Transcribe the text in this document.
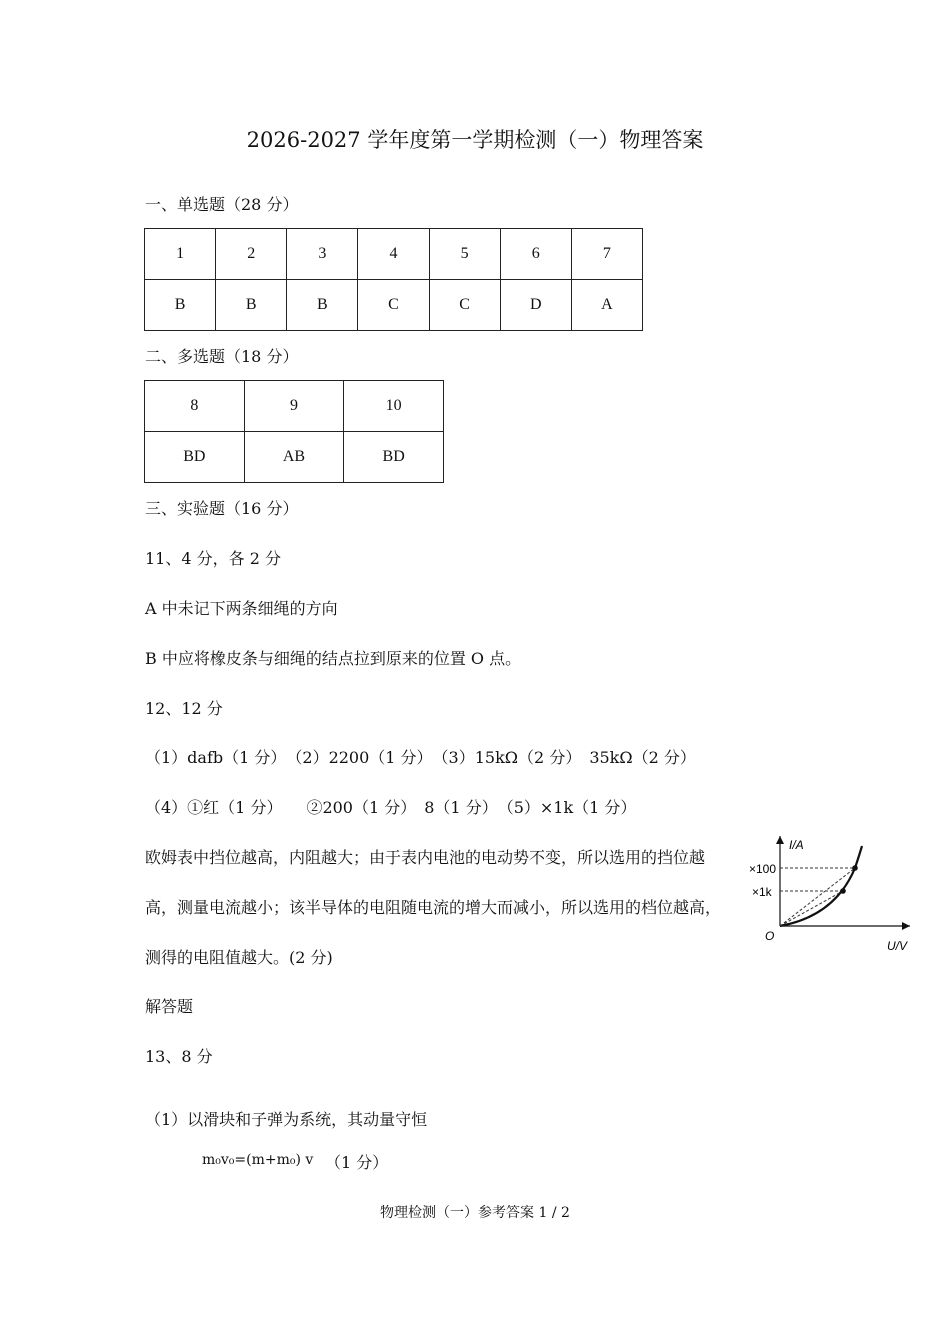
2026-2027 学年度第一学期检测（一）物理答案
一、单选题（28 分）
1	2	3	4	5	6	7
B	B	B	C	C	D	A
二、多选题（18 分）
8	9	10
BD	AB	BD
三、实验题（16 分）
11、4 分，各 2 分
A 中未记下两条细绳的方向
B 中应将橡皮条与细绳的结点拉到原来的位置 O 点。
12、12 分
（1）dafb（1 分）　（2）2200（1 分）　（3）15kΩ（2 分）　35kΩ（2 分）
（4）①红（1 分）　　②200（1 分）　8（1 分）　（5）×1k（1 分）
欧姆表中挡位越高，内阻越大；由于表内电池的电动势不变，所以选用的挡位越
高，测量电流越小；该半导体的电阻随电流的增大而减小，所以选用的档位越高，
测得的电阻值越大。(2 分)
I/A
×100
×1k
O
U/V
解答题
13、8 分
（1）以滑块和子弹为系统，其动量守恒
m₀v₀=(m+m₀) v （1 分）
物理检测（一）参考答案 1 / 2
